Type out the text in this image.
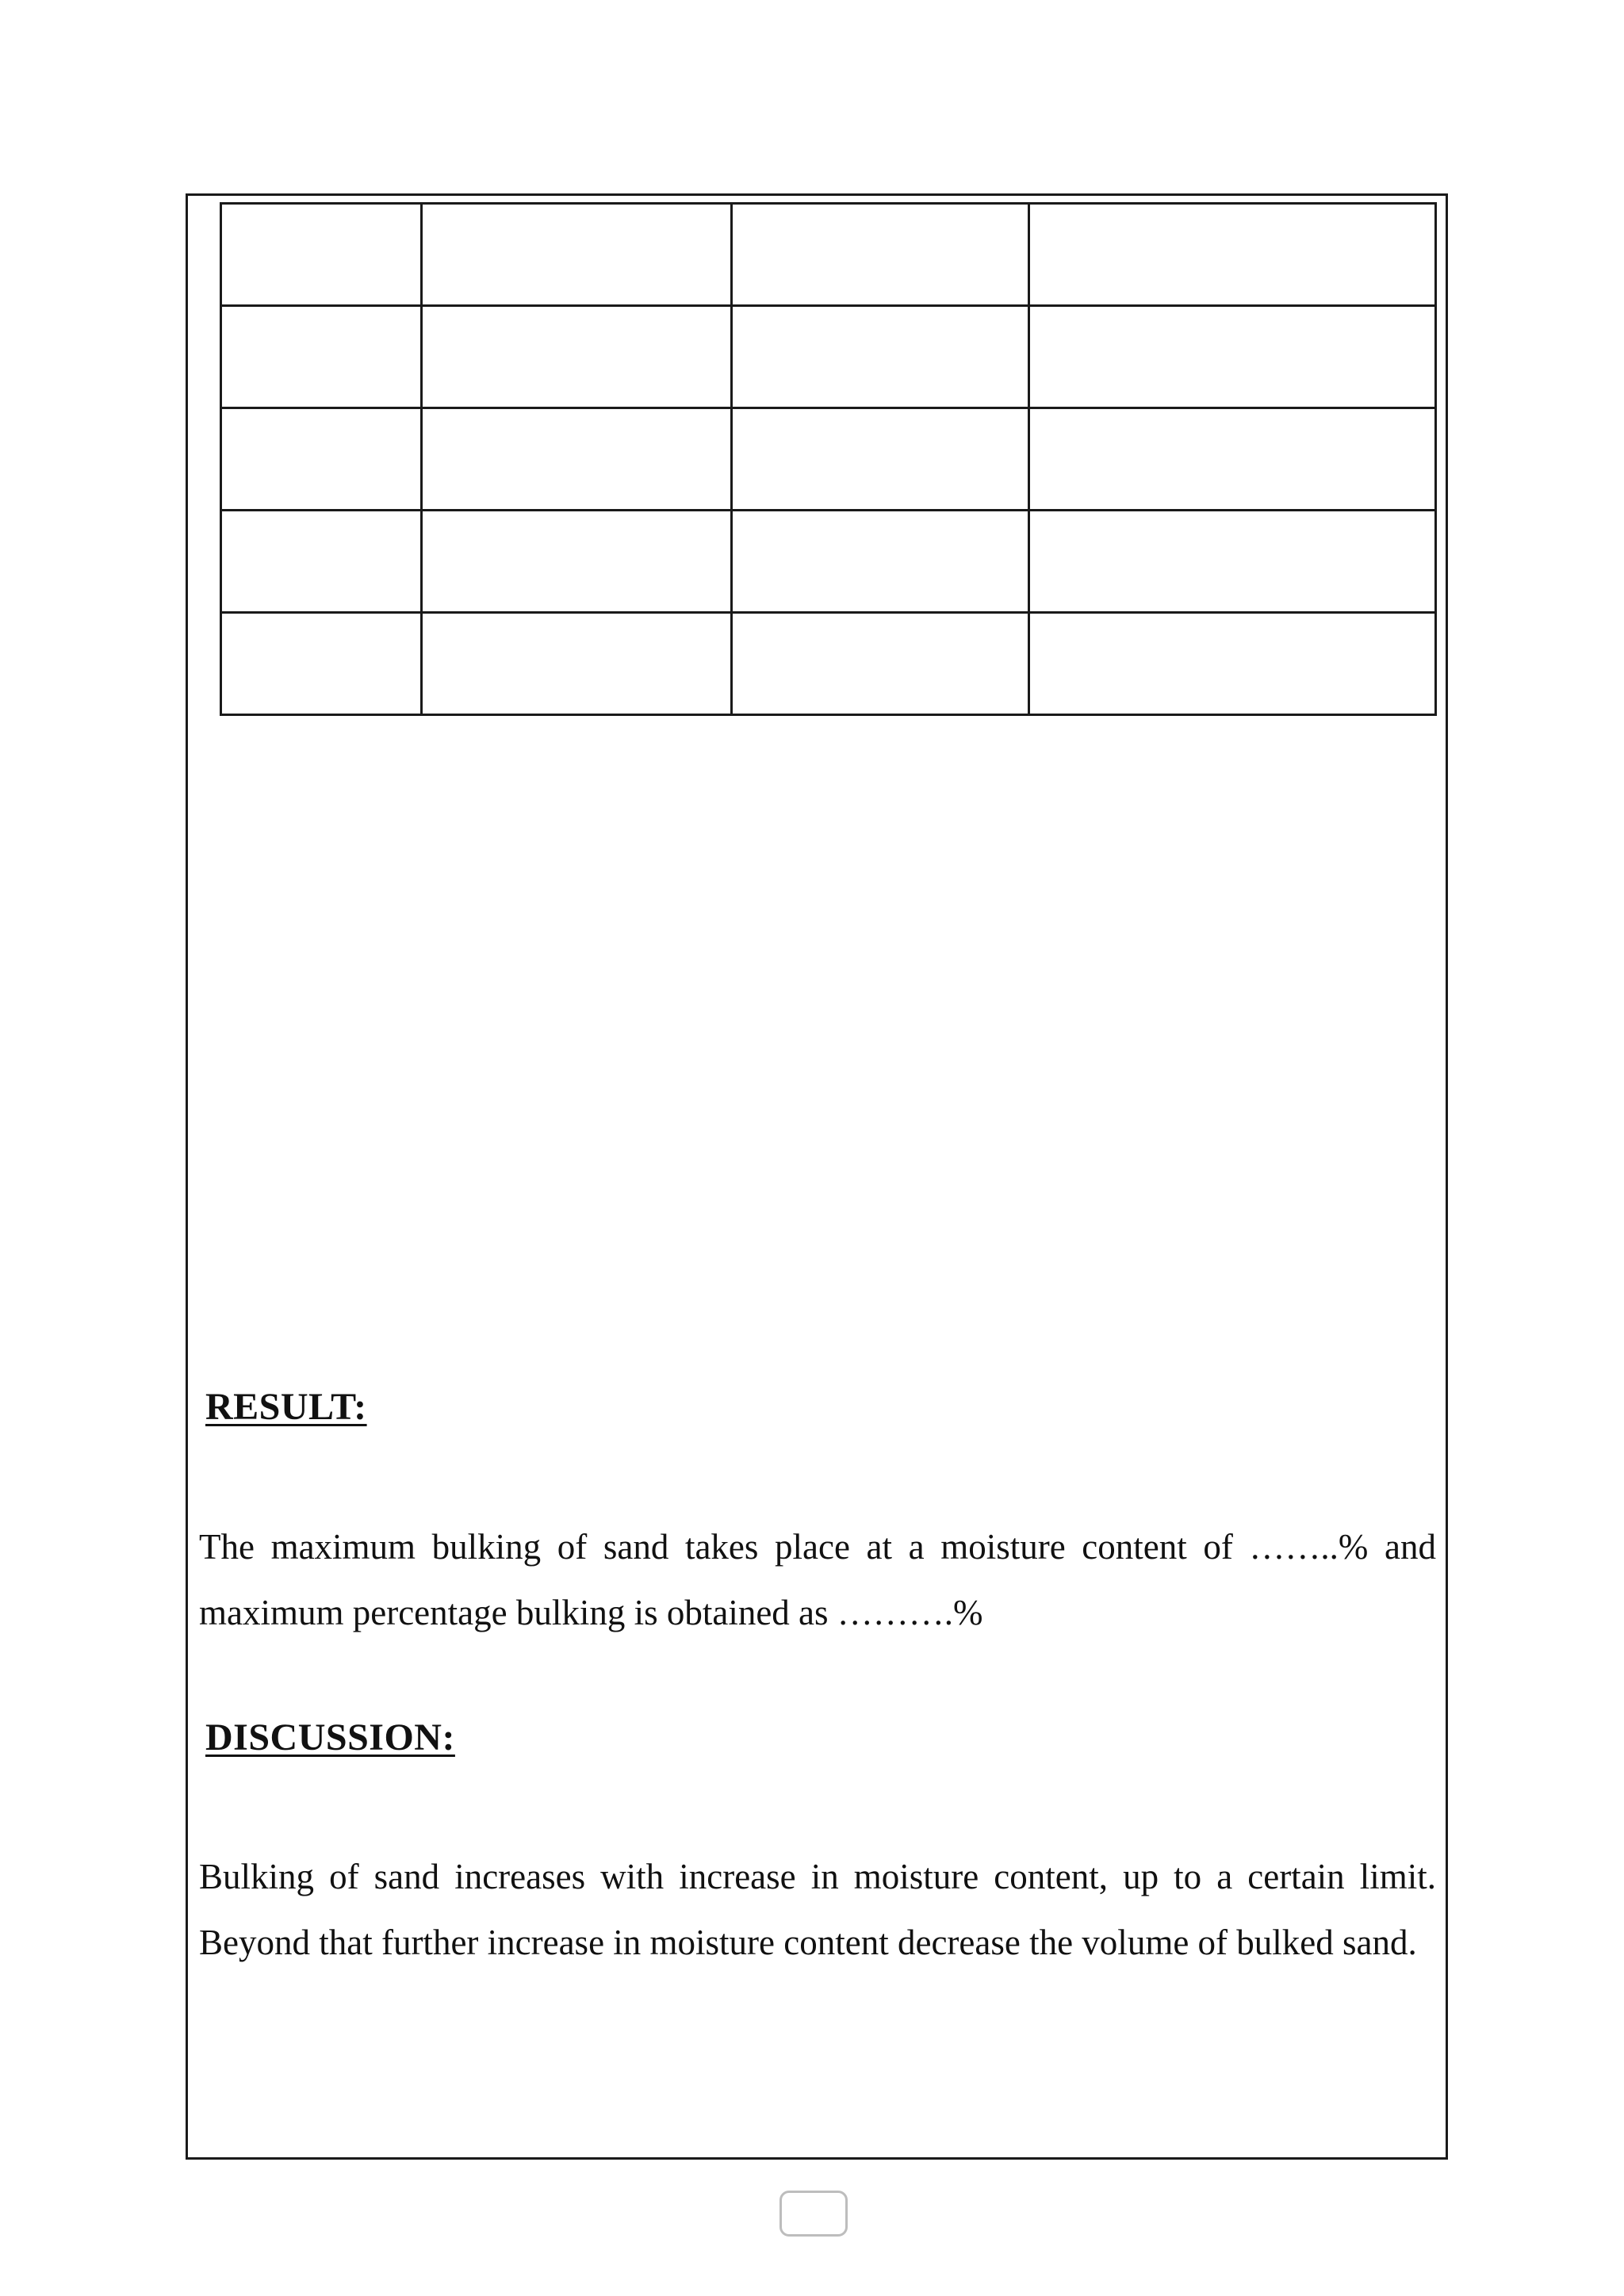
RESULT:

The maximum bulking of sand takes place at a moisture content of ……..% and maximum percentage bulking is obtained as ……….%

DISCUSSION:

Bulking of sand increases with increase in moisture content, up to a certain limit. Beyond that further increase in moisture content decrease the volume of bulked sand.
